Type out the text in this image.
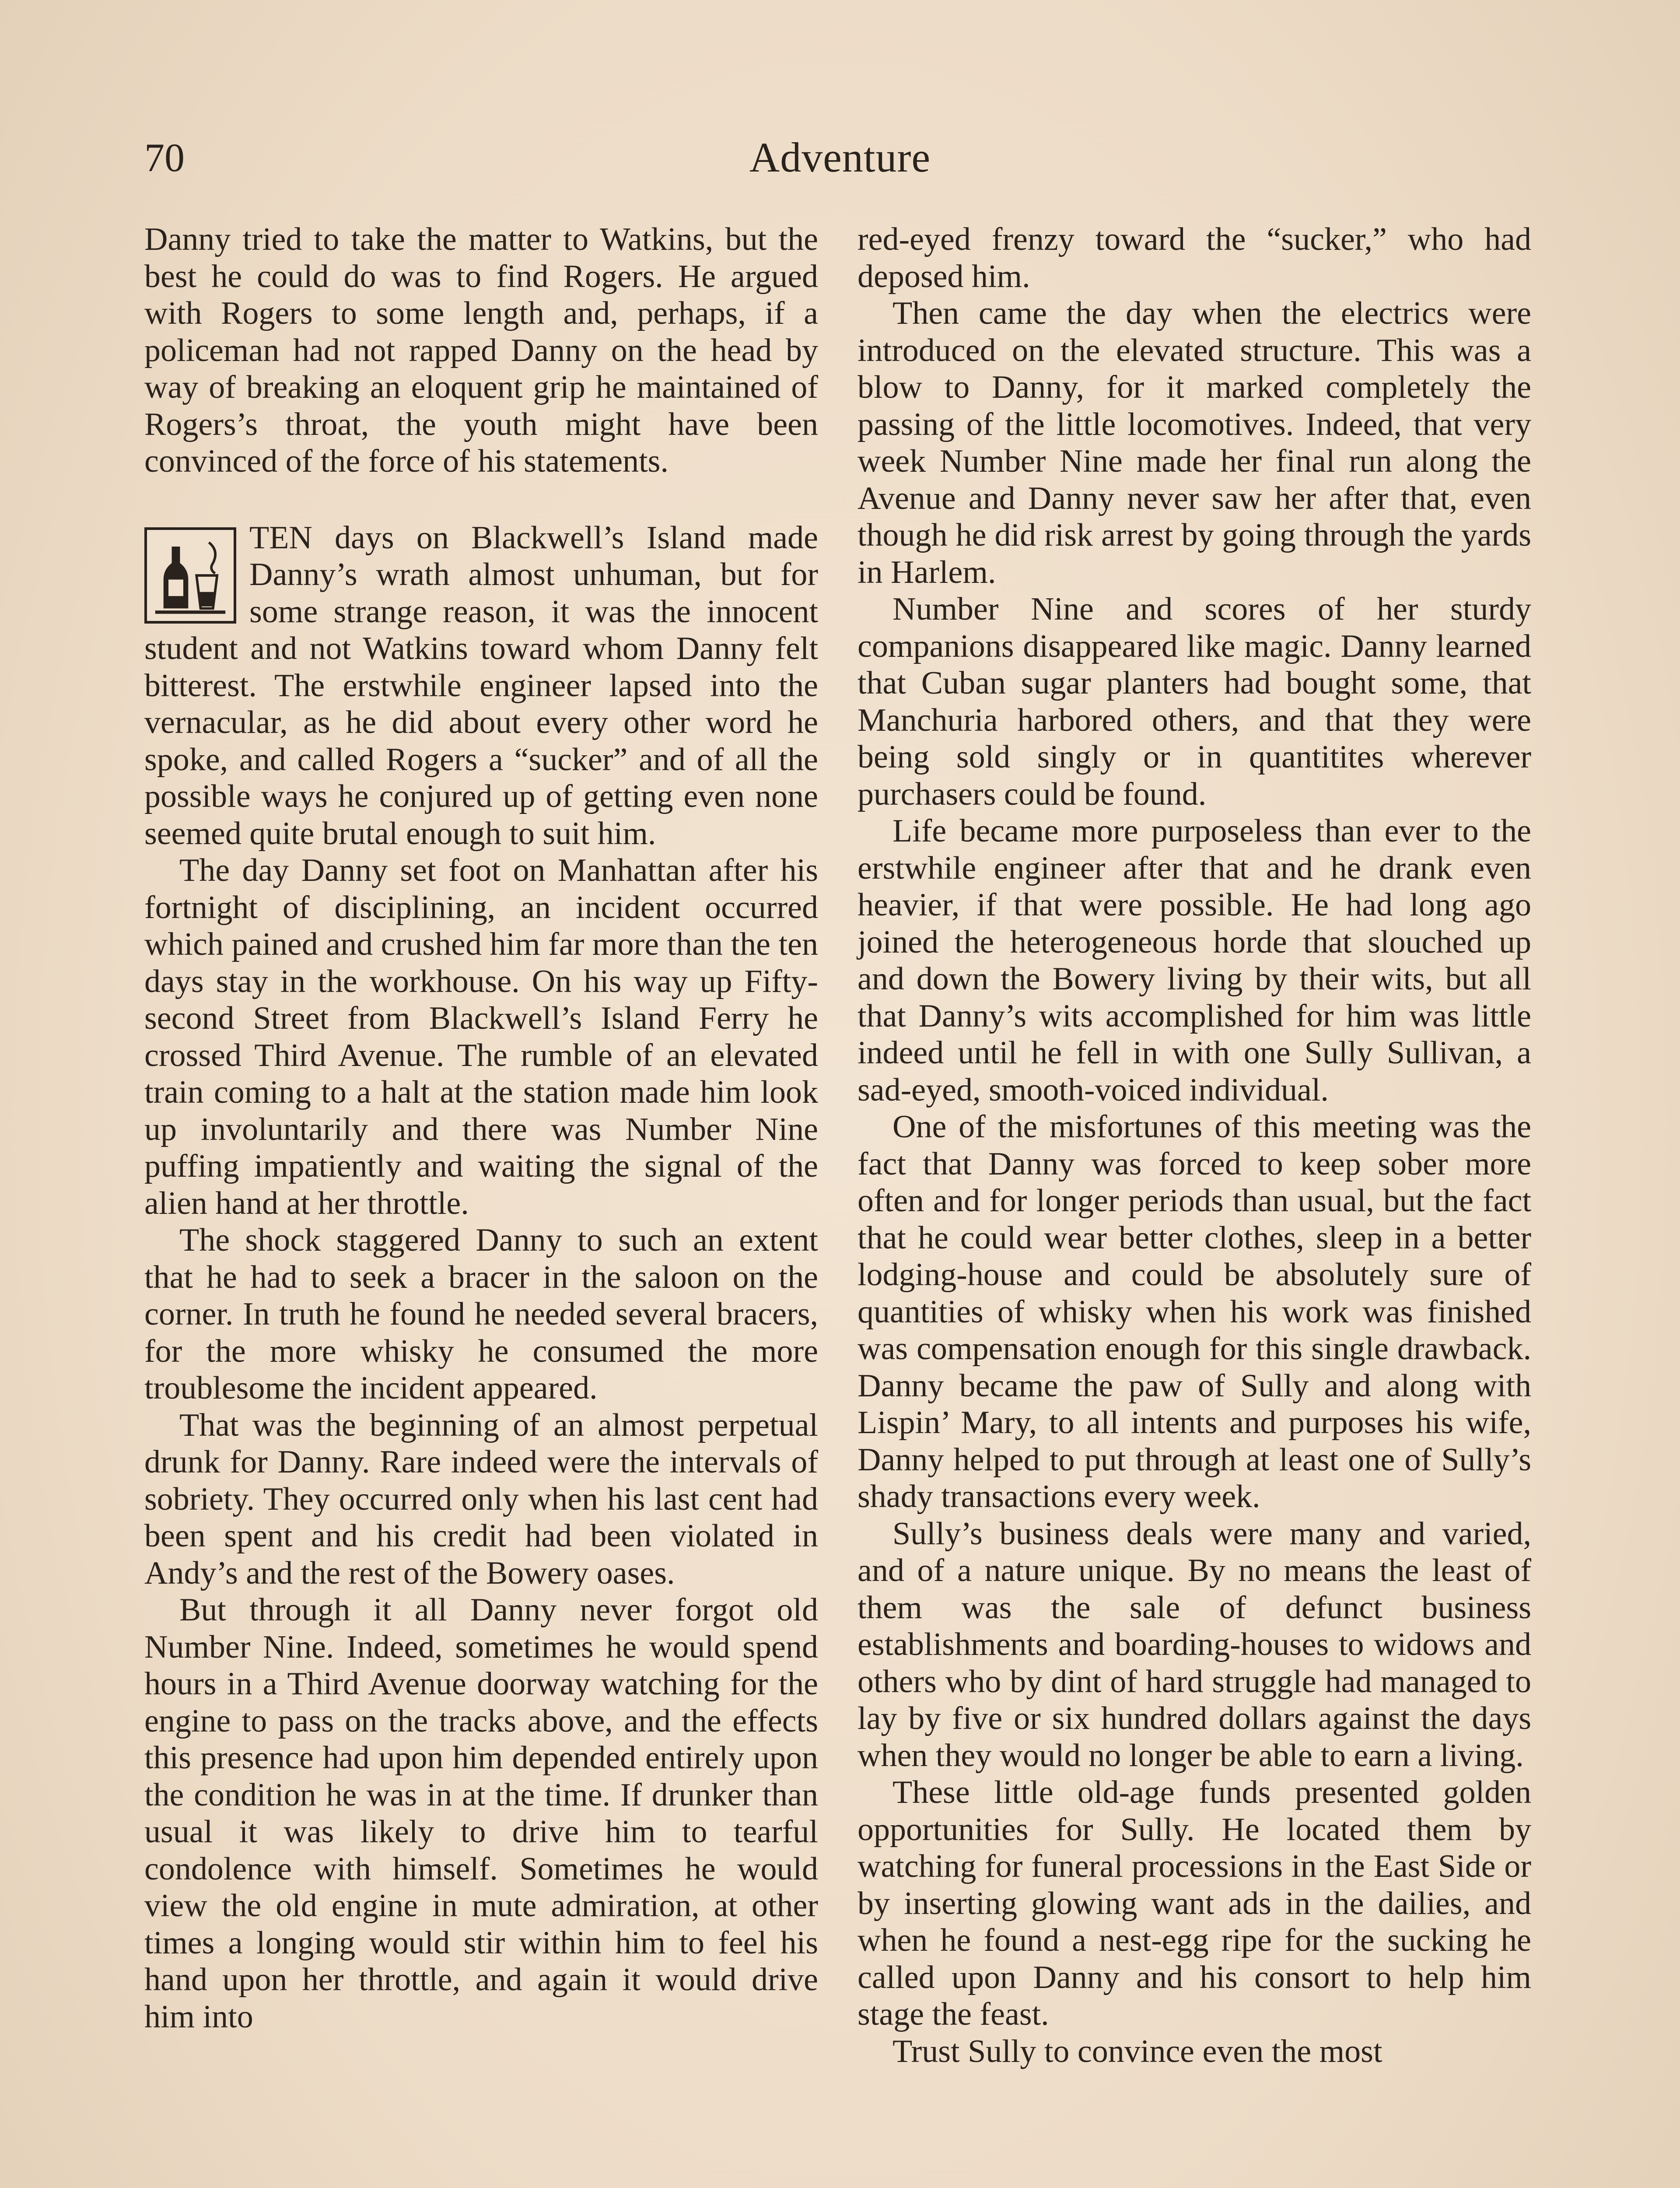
70	Adventure

Danny tried to take the matter to Watkins, but the best he could do was to find Rogers. He argued with Rogers to some length and, perhaps, if a policeman had not rapped Danny on the head by way of breaking an eloquent grip he maintained of Rogers’s throat, the youth might have been convinced of the force of his statements.

TEN days on Blackwell’s Island made Danny’s wrath almost unhuman, but for some strange reason, it was the innocent student and not Watkins toward whom Danny felt bitterest. The erstwhile engineer lapsed into the vernacular, as he did about every other word he spoke, and called Rogers a “sucker” and of all the possible ways he conjured up of getting even none seemed quite brutal enough to suit him.

The day Danny set foot on Manhattan after his fortnight of disciplining, an incident occurred which pained and crushed him far more than the ten days stay in the workhouse. On his way up Fifty-second Street from Blackwell’s Island Ferry he crossed Third Avenue. The rumble of an elevated train coming to a halt at the station made him look up involuntarily and there was Number Nine puffing impatiently and waiting the signal of the alien hand at her throttle.

The shock staggered Danny to such an extent that he had to seek a bracer in the saloon on the corner. In truth he found he needed several bracers, for the more whisky he consumed the more troublesome the incident appeared.

That was the beginning of an almost perpetual drunk for Danny. Rare indeed were the intervals of sobriety. They occurred only when his last cent had been spent and his credit had been violated in Andy’s and the rest of the Bowery oases.

But through it all Danny never forgot old Number Nine. Indeed, sometimes he would spend hours in a Third Avenue doorway watching for the engine to pass on the tracks above, and the effects this presence had upon him depended entirely upon the condition he was in at the time. If drunker than usual it was likely to drive him to tearful condolence with himself. Sometimes he would view the old engine in mute admiration, at other times a longing would stir within him to feel his hand upon her throttle, and again it would drive him into

red-eyed frenzy toward the “sucker,” who had deposed him.

Then came the day when the electrics were introduced on the elevated structure. This was a blow to Danny, for it marked completely the passing of the little locomotives. Indeed, that very week Number Nine made her final run along the Avenue and Danny never saw her after that, even though he did risk arrest by going through the yards in Harlem.

Number Nine and scores of her sturdy companions disappeared like magic. Danny learned that Cuban sugar planters had bought some, that Manchuria harbored others, and that they were being sold singly or in quantitites wherever purchasers could be found.

Life became more purposeless than ever to the erstwhile engineer after that and he drank even heavier, if that were possible. He had long ago joined the heterogeneous horde that slouched up and down the Bowery living by their wits, but all that Danny’s wits accomplished for him was little indeed until he fell in with one Sully Sullivan, a sad-eyed, smooth-voiced individual.

One of the misfortunes of this meeting was the fact that Danny was forced to keep sober more often and for longer periods than usual, but the fact that he could wear better clothes, sleep in a better lodging-house and could be absolutely sure of quantities of whisky when his work was finished was compensation enough for this single drawback. Danny became the paw of Sully and along with Lispin’ Mary, to all intents and purposes his wife, Danny helped to put through at least one of Sully’s shady transactions every week.

Sully’s business deals were many and varied, and of a nature unique. By no means the least of them was the sale of defunct business establishments and boarding-houses to widows and others who by dint of hard struggle had managed to lay by five or six hundred dollars against the days when they would no longer be able to earn a living.

These little old-age funds presented golden opportunities for Sully. He located them by watching for funeral processions in the East Side or by inserting glowing want ads in the dailies, and when he found a nest-egg ripe for the sucking he called upon Danny and his consort to help him stage the feast.

Trust Sully to convince even the most
